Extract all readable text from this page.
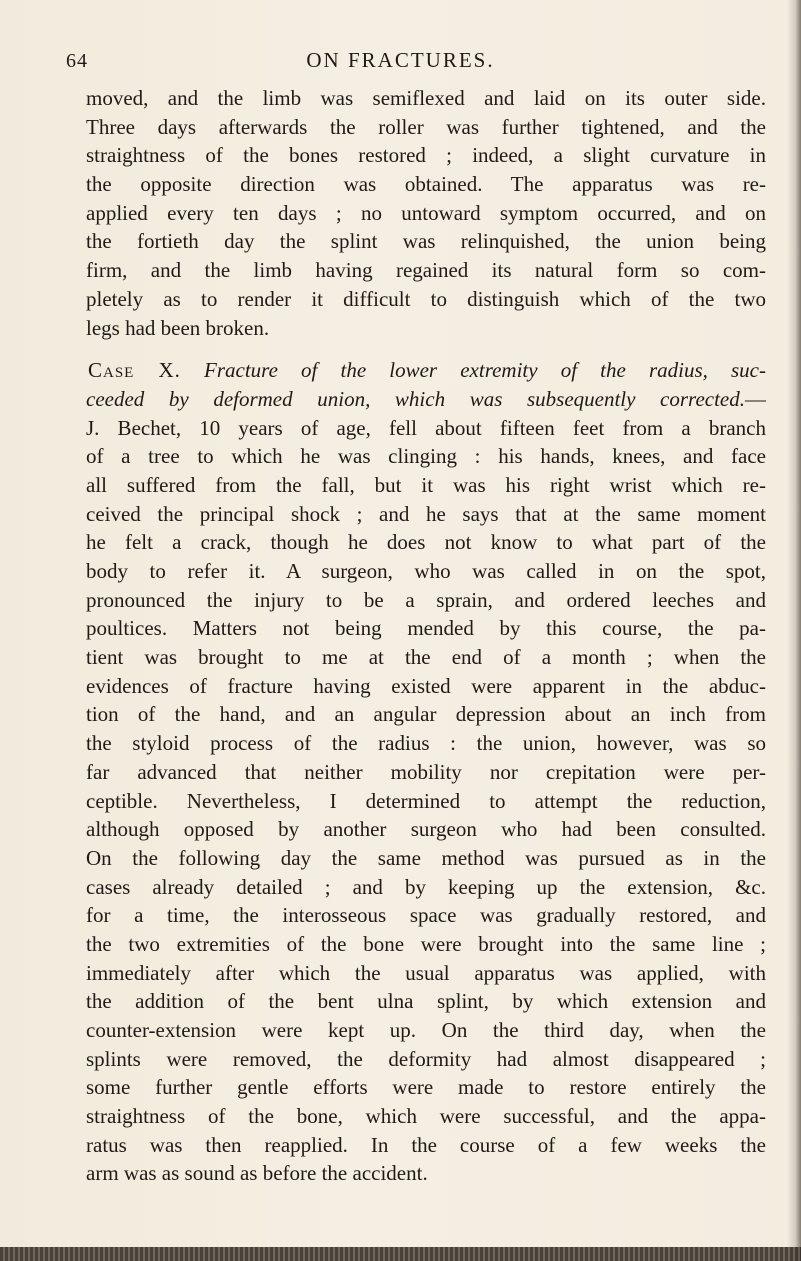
64	ON FRACTURES.
moved, and the limb was semiflexed and laid on its outer side.
Three days afterwards the roller was further tightened, and the
straightness of the bones restored ; indeed, a slight curvature in
the opposite direction was obtained. The apparatus was re-
applied every ten days ; no untoward symptom occurred, and on
the fortieth day the splint was relinquished, the union being
firm, and the limb having regained its natural form so com-
pletely as to render it difficult to distinguish which of the two
legs had been broken.
Case X. Fracture of the lower extremity of the radius, suc-
ceeded by deformed union, which was subsequently corrected.—
J. Bechet, 10 years of age, fell about fifteen feet from a branch
of a tree to which he was clinging : his hands, knees, and face
all suffered from the fall, but it was his right wrist which re-
ceived the principal shock ; and he says that at the same moment
he felt a crack, though he does not know to what part of the
body to refer it. A surgeon, who was called in on the spot,
pronounced the injury to be a sprain, and ordered leeches and
poultices. Matters not being mended by this course, the pa-
tient was brought to me at the end of a month ; when the
evidences of fracture having existed were apparent in the abduc-
tion of the hand, and an angular depression about an inch from
the styloid process of the radius : the union, however, was so
far advanced that neither mobility nor crepitation were per-
ceptible. Nevertheless, I determined to attempt the reduction,
although opposed by another surgeon who had been consulted.
On the following day the same method was pursued as in the
cases already detailed ; and by keeping up the extension, &c.
for a time, the interosseous space was gradually restored, and
the two extremities of the bone were brought into the same line ;
immediately after which the usual apparatus was applied, with
the addition of the bent ulna splint, by which extension and
counter-extension were kept up. On the third day, when the
splints were removed, the deformity had almost disappeared ;
some further gentle efforts were made to restore entirely the
straightness of the bone, which were successful, and the appa-
ratus was then reapplied. In the course of a few weeks the
arm was as sound as before the accident.
